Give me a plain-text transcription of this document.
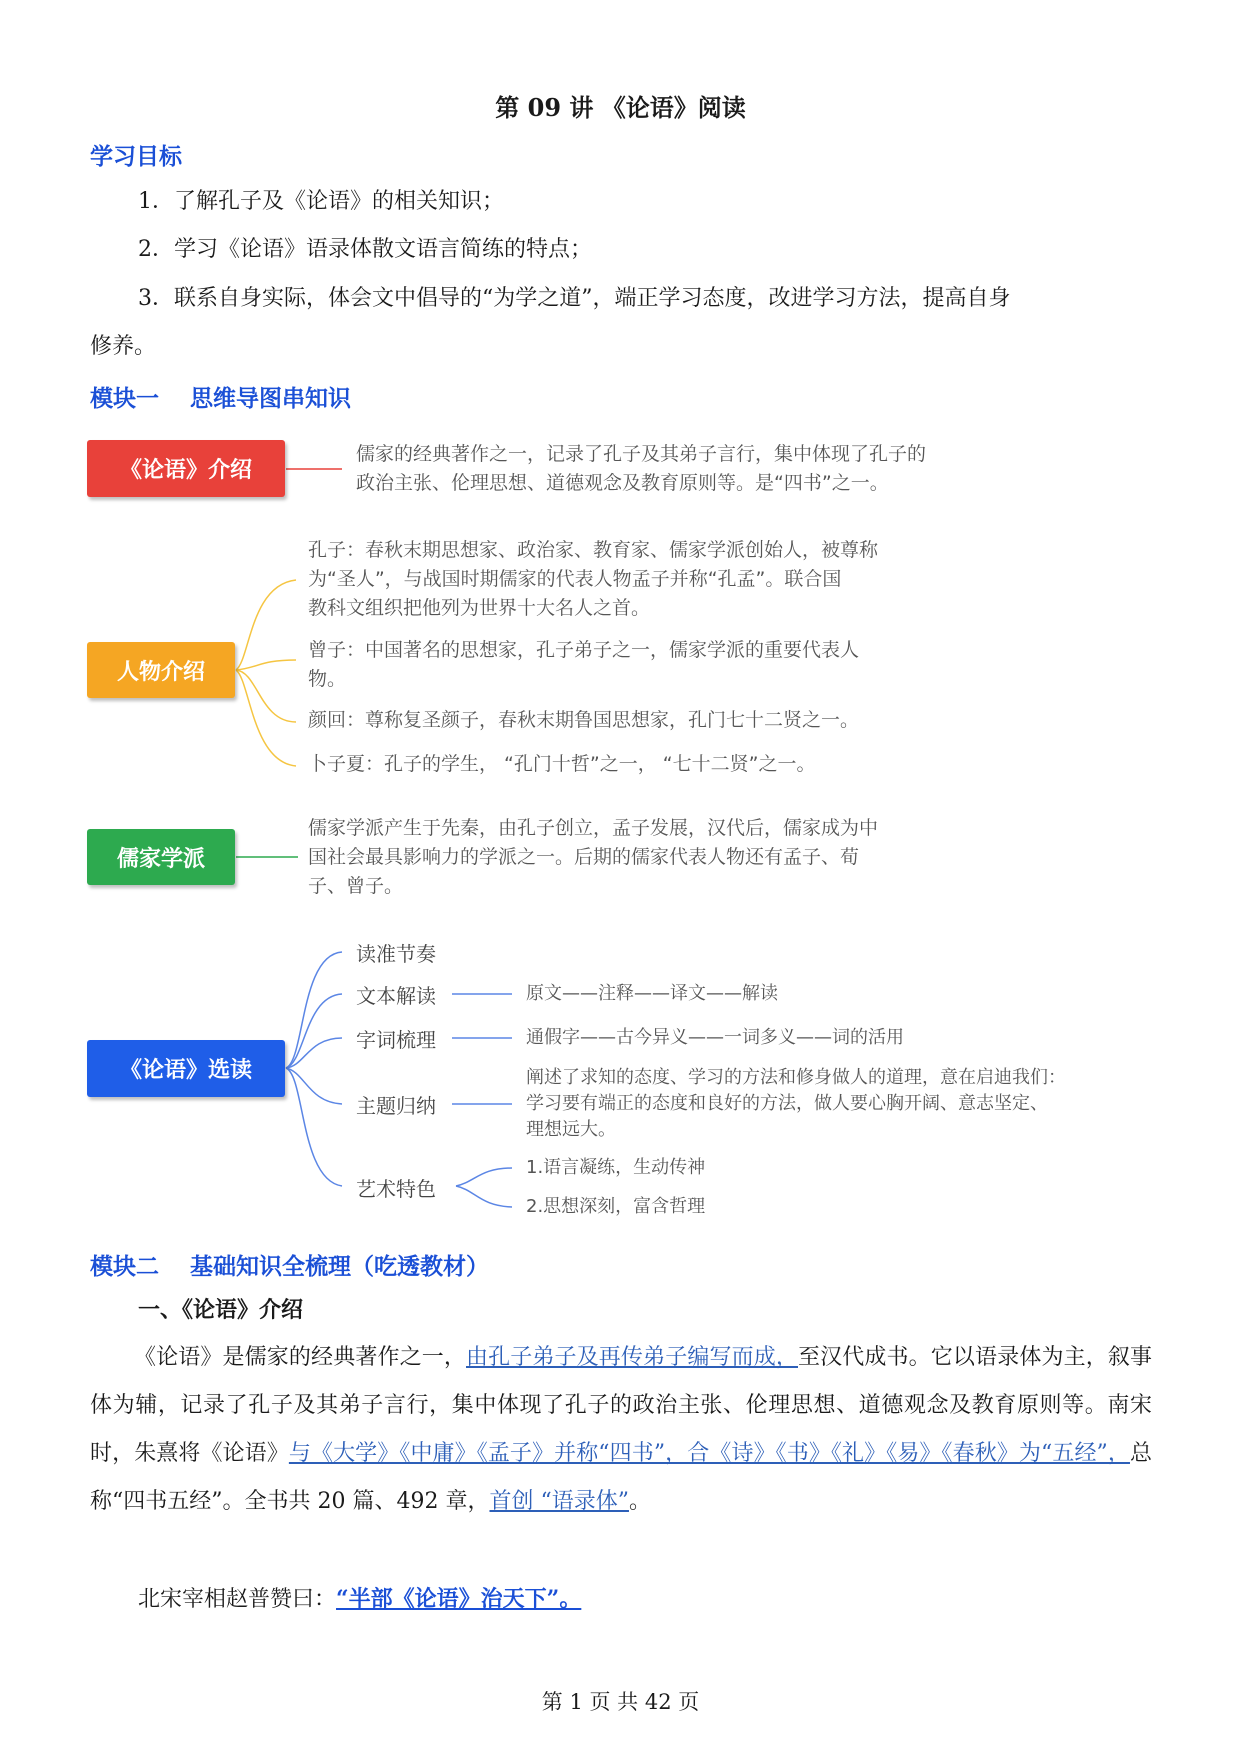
第 09 讲 《论语》阅读
学习目标
1．了解孔子及《论语》的相关知识；
2．学习《论语》语录体散文语言简练的特点；
3．联系自身实际，体会文中倡导的“为学之道”，端正学习态度，改进学习方法，提高自身
修养。
模块一　 思维导图串知识
《论语》介绍
儒家的经典著作之一，记录了孔子及其弟子言行，集中体现了孔子的
政治主张、伦理思想、道德观念及教育原则等。是“四书”之一。
人物介绍
孔子：春秋末期思想家、政治家、教育家、儒家学派创始人，被尊称
为“圣人”，与战国时期儒家的代表人物孟子并称“孔孟”。联合国
教科文组织把他列为世界十大名人之首。
曾子：中国著名的思想家，孔子弟子之一，儒家学派的重要代表人
物。
颜回：尊称复圣颜子，春秋末期鲁国思想家，孔门七十二贤之一。
卜子夏：孔子的学生， “孔门十哲”之一， “七十二贤”之一。
儒家学派
儒家学派产生于先秦，由孔子创立，孟子发展，汉代后，儒家成为中
国社会最具影响力的学派之一。后期的儒家代表人物还有孟子、荀
子、曾子。
《论语》选读
读准节奏
文本解读	原文——注释——译文——解读
字词梳理	通假字——古今异义——一词多义——词的活用
主题归纳
阐述了求知的态度、学习的方法和修身做人的道理，意在启迪我们：
学习要有端正的态度和良好的方法，做人要心胸开阔、意志坚定、
理想远大。
艺术特色
1.语言凝练，生动传神
2.思想深刻，富含哲理
模块二　 基础知识全梳理（吃透教材）
一、《论语》介绍
《论语》是儒家的经典著作之一，由孔子弟子及再传弟子编写而成，至汉代成书。它以语录体为主，叙事体为辅，记录了孔子及其弟子言行，集中体现了孔子的政治主张、伦理思想、道德观念及教育原则等。南宋时，朱熹将《论语》与《大学》《中庸》《孟子》并称“四书”，合《诗》《书》《礼》《易》《春秋》为“五经”，总称“四书五经”。全书共 20 篇、492 章，首创 “语录体”。
北宋宰相赵普赞曰：“半部《论语》治天下”。
第 1 页 共 42 页
